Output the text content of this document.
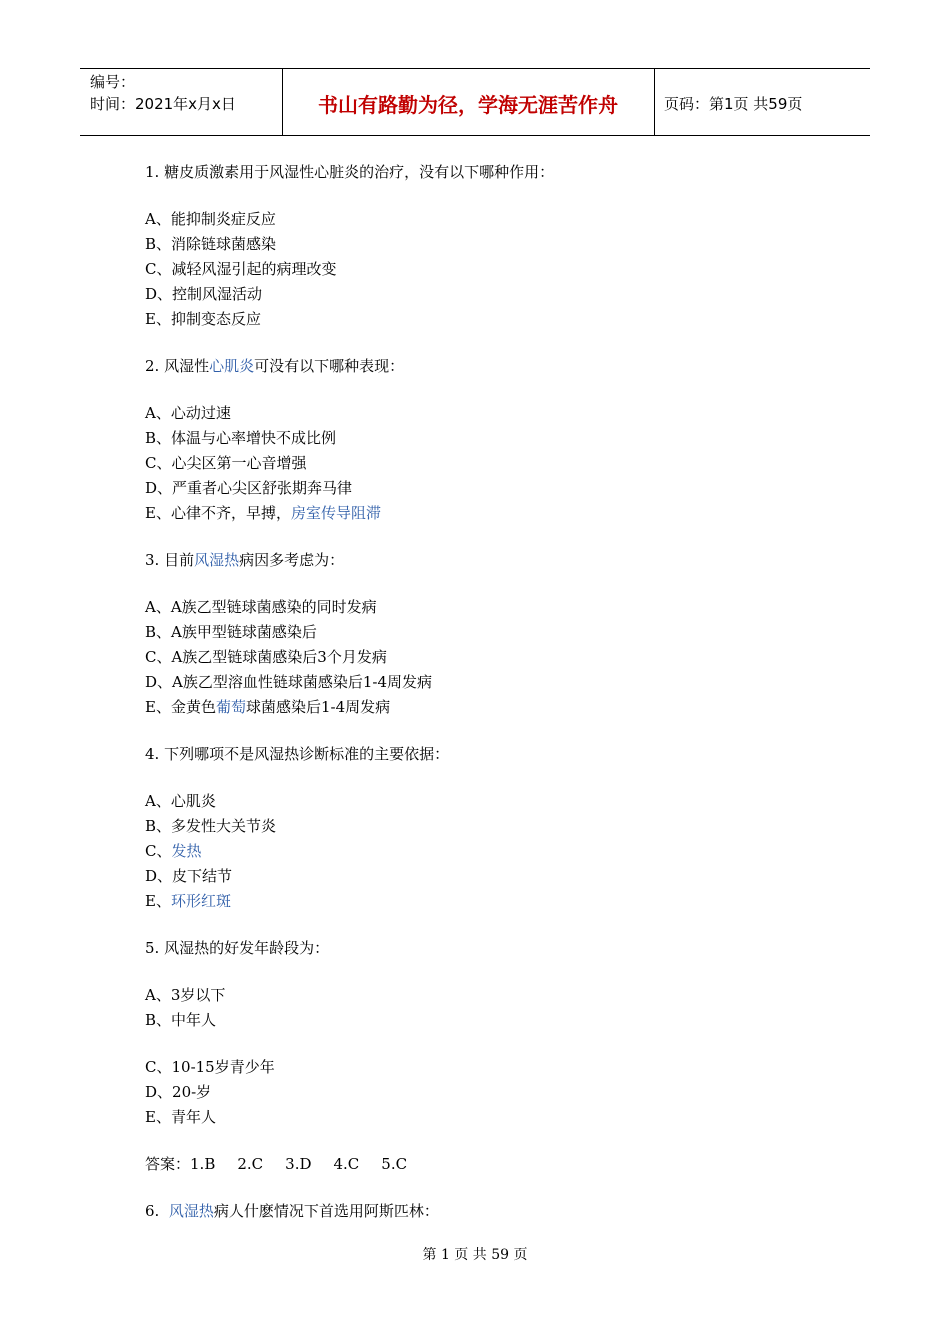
编号：
时间：2021年x月x日	书山有路勤为径，学海无涯苦作舟	页码：第1页 共59页
1. 糖皮质激素用于风湿性心脏炎的治疗，没有以下哪种作用：
A、能抑制炎症反应
B、消除链球菌感染
C、减轻风湿引起的病理改变
D、控制风湿活动
E、抑制变态反应
2. 风湿性心肌炎可没有以下哪种表现：
A、心动过速
B、体温与心率增快不成比例
C、心尖区第一心音增强
D、严重者心尖区舒张期奔马律
E、心律不齐，早搏，房室传导阻滞
3. 目前风湿热病因多考虑为：
A、A族乙型链球菌感染的同时发病
B、A族甲型链球菌感染后
C、A族乙型链球菌感染后3个月发病
D、A族乙型溶血性链球菌感染后1-4周发病
E、金黄色葡萄球菌感染后1-4周发病
4. 下列哪项不是风湿热诊断标准的主要依据：
A、心肌炎
B、多发性大关节炎
C、发热
D、皮下结节
E、环形红斑
5. 风湿热的好发年龄段为：
A、3岁以下
B、中年人
C、10-15岁青少年
D、20-岁
E、青年人
答案：1.B 2.C 3.D 4.C 5.C
6.  风湿热病人什麽情况下首选用阿斯匹林：
第 1 页 共 59 页
